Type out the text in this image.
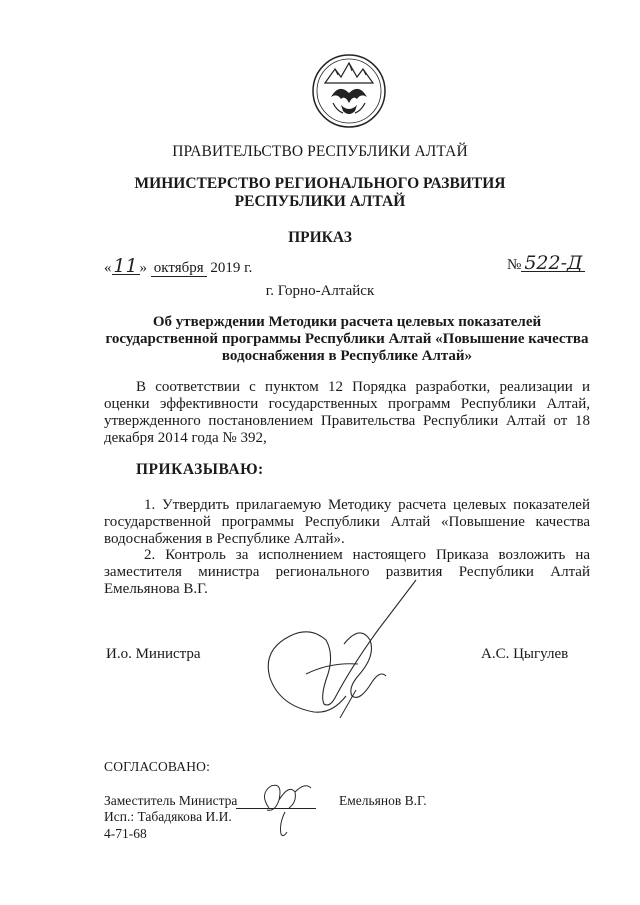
ПРАВИТЕЛЬСТВО РЕСПУБЛИКИ АЛТАЙ
МИНИСТЕРСТВО РЕГИОНАЛЬНОГО РАЗВИТИЯ
РЕСПУБЛИКИ АЛТАЙ
ПРИКАЗ
« 11 » октября 2019 г.	№ 522-Д
г. Горно-Алтайск
Об утверждении Методики расчета целевых показателей государственной программы Республики Алтай «Повышение качества водоснабжения в Республике Алтай»
В соответствии с пунктом 12 Порядка разработки, реализации и оценки эффективности государственных программ Республики Алтай, утвержденного постановлением Правительства Республики Алтай от 18 декабря 2014 года № 392,
ПРИКАЗЫВАЮ:
1. Утвердить прилагаемую Методику расчета целевых показателей государственной программы Республики Алтай «Повышение качества водоснабжения в Республике Алтай».
2. Контроль за исполнением настоящего Приказа возложить на заместителя министра регионального развития Республики Алтай Емельянова В.Г.
И.о. Министра	А.С. Цыгулев
СОГЛАСОВАНО:
Заместитель Министра	Емельянов В.Г.
Исп.: Табадякова И.И.
4-71-68
